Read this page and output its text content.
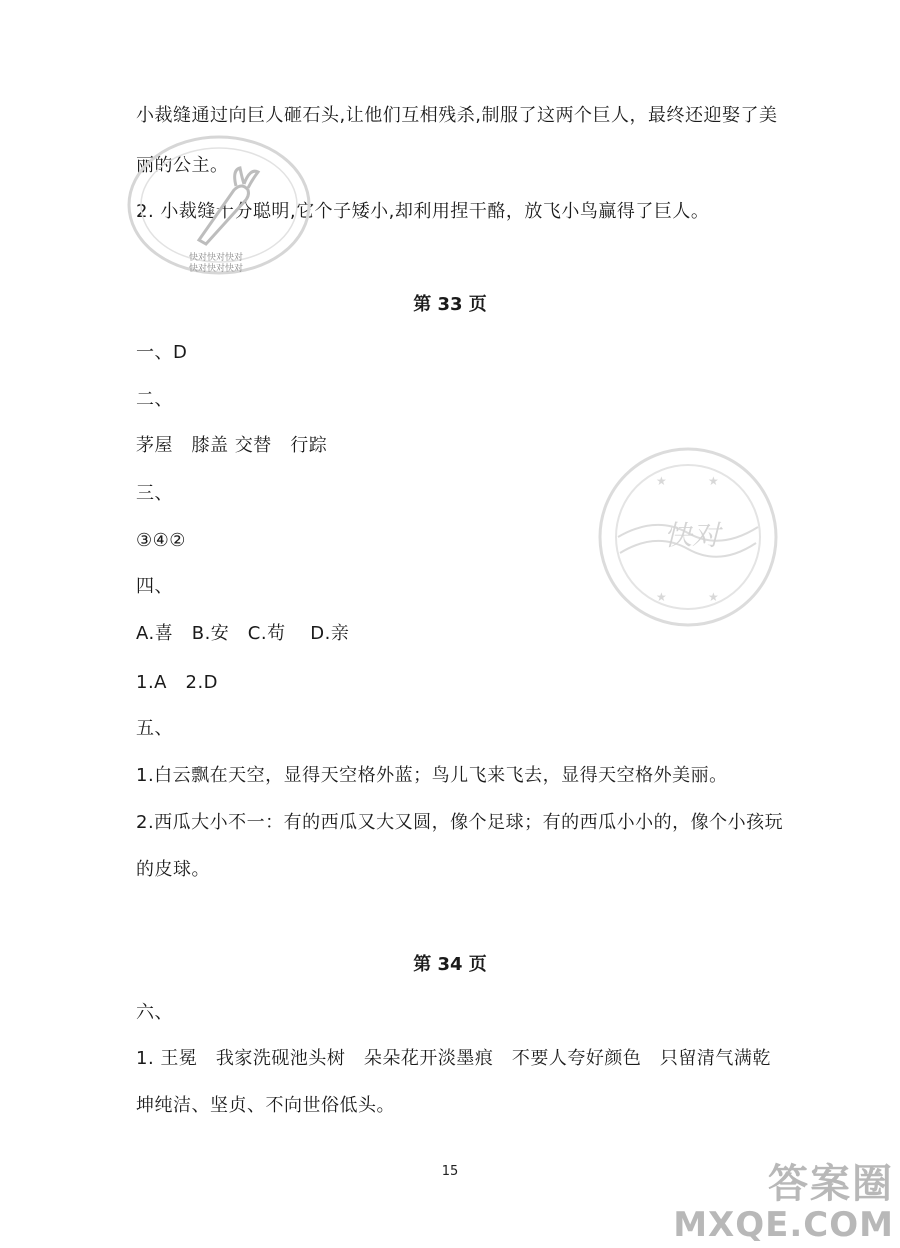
小裁缝通过向巨人砸石头,让他们互相残杀,制服了这两个巨人，最终还迎娶了美
丽的公主。
2. 小裁缝十分聪明,它个子矮小,却利用捏干酪，放飞小鸟赢得了巨人。
快对快对快对
快对快对快对
快对
★	★
★	★
第 33 页
一、D
二、
茅屋　膝盖 交替　行踪
三、
③④②
四、
A.喜　B.安　C.苟　 D.亲
1.A　2.D
五、
1.白云飘在天空，显得天空格外蓝；鸟儿飞来飞去，显得天空格外美丽。
2.西瓜大小不一：有的西瓜又大又圆，像个足球；有的西瓜小小的，像个小孩玩
的皮球。
第 34 页
六、
1. 王冕　我家洗砚池头树　朵朵花开淡墨痕　不要人夸好颜色　只留清气满乾
坤纯洁、坚贞、不向世俗低头。
15	答案圈
MXQE.COM
